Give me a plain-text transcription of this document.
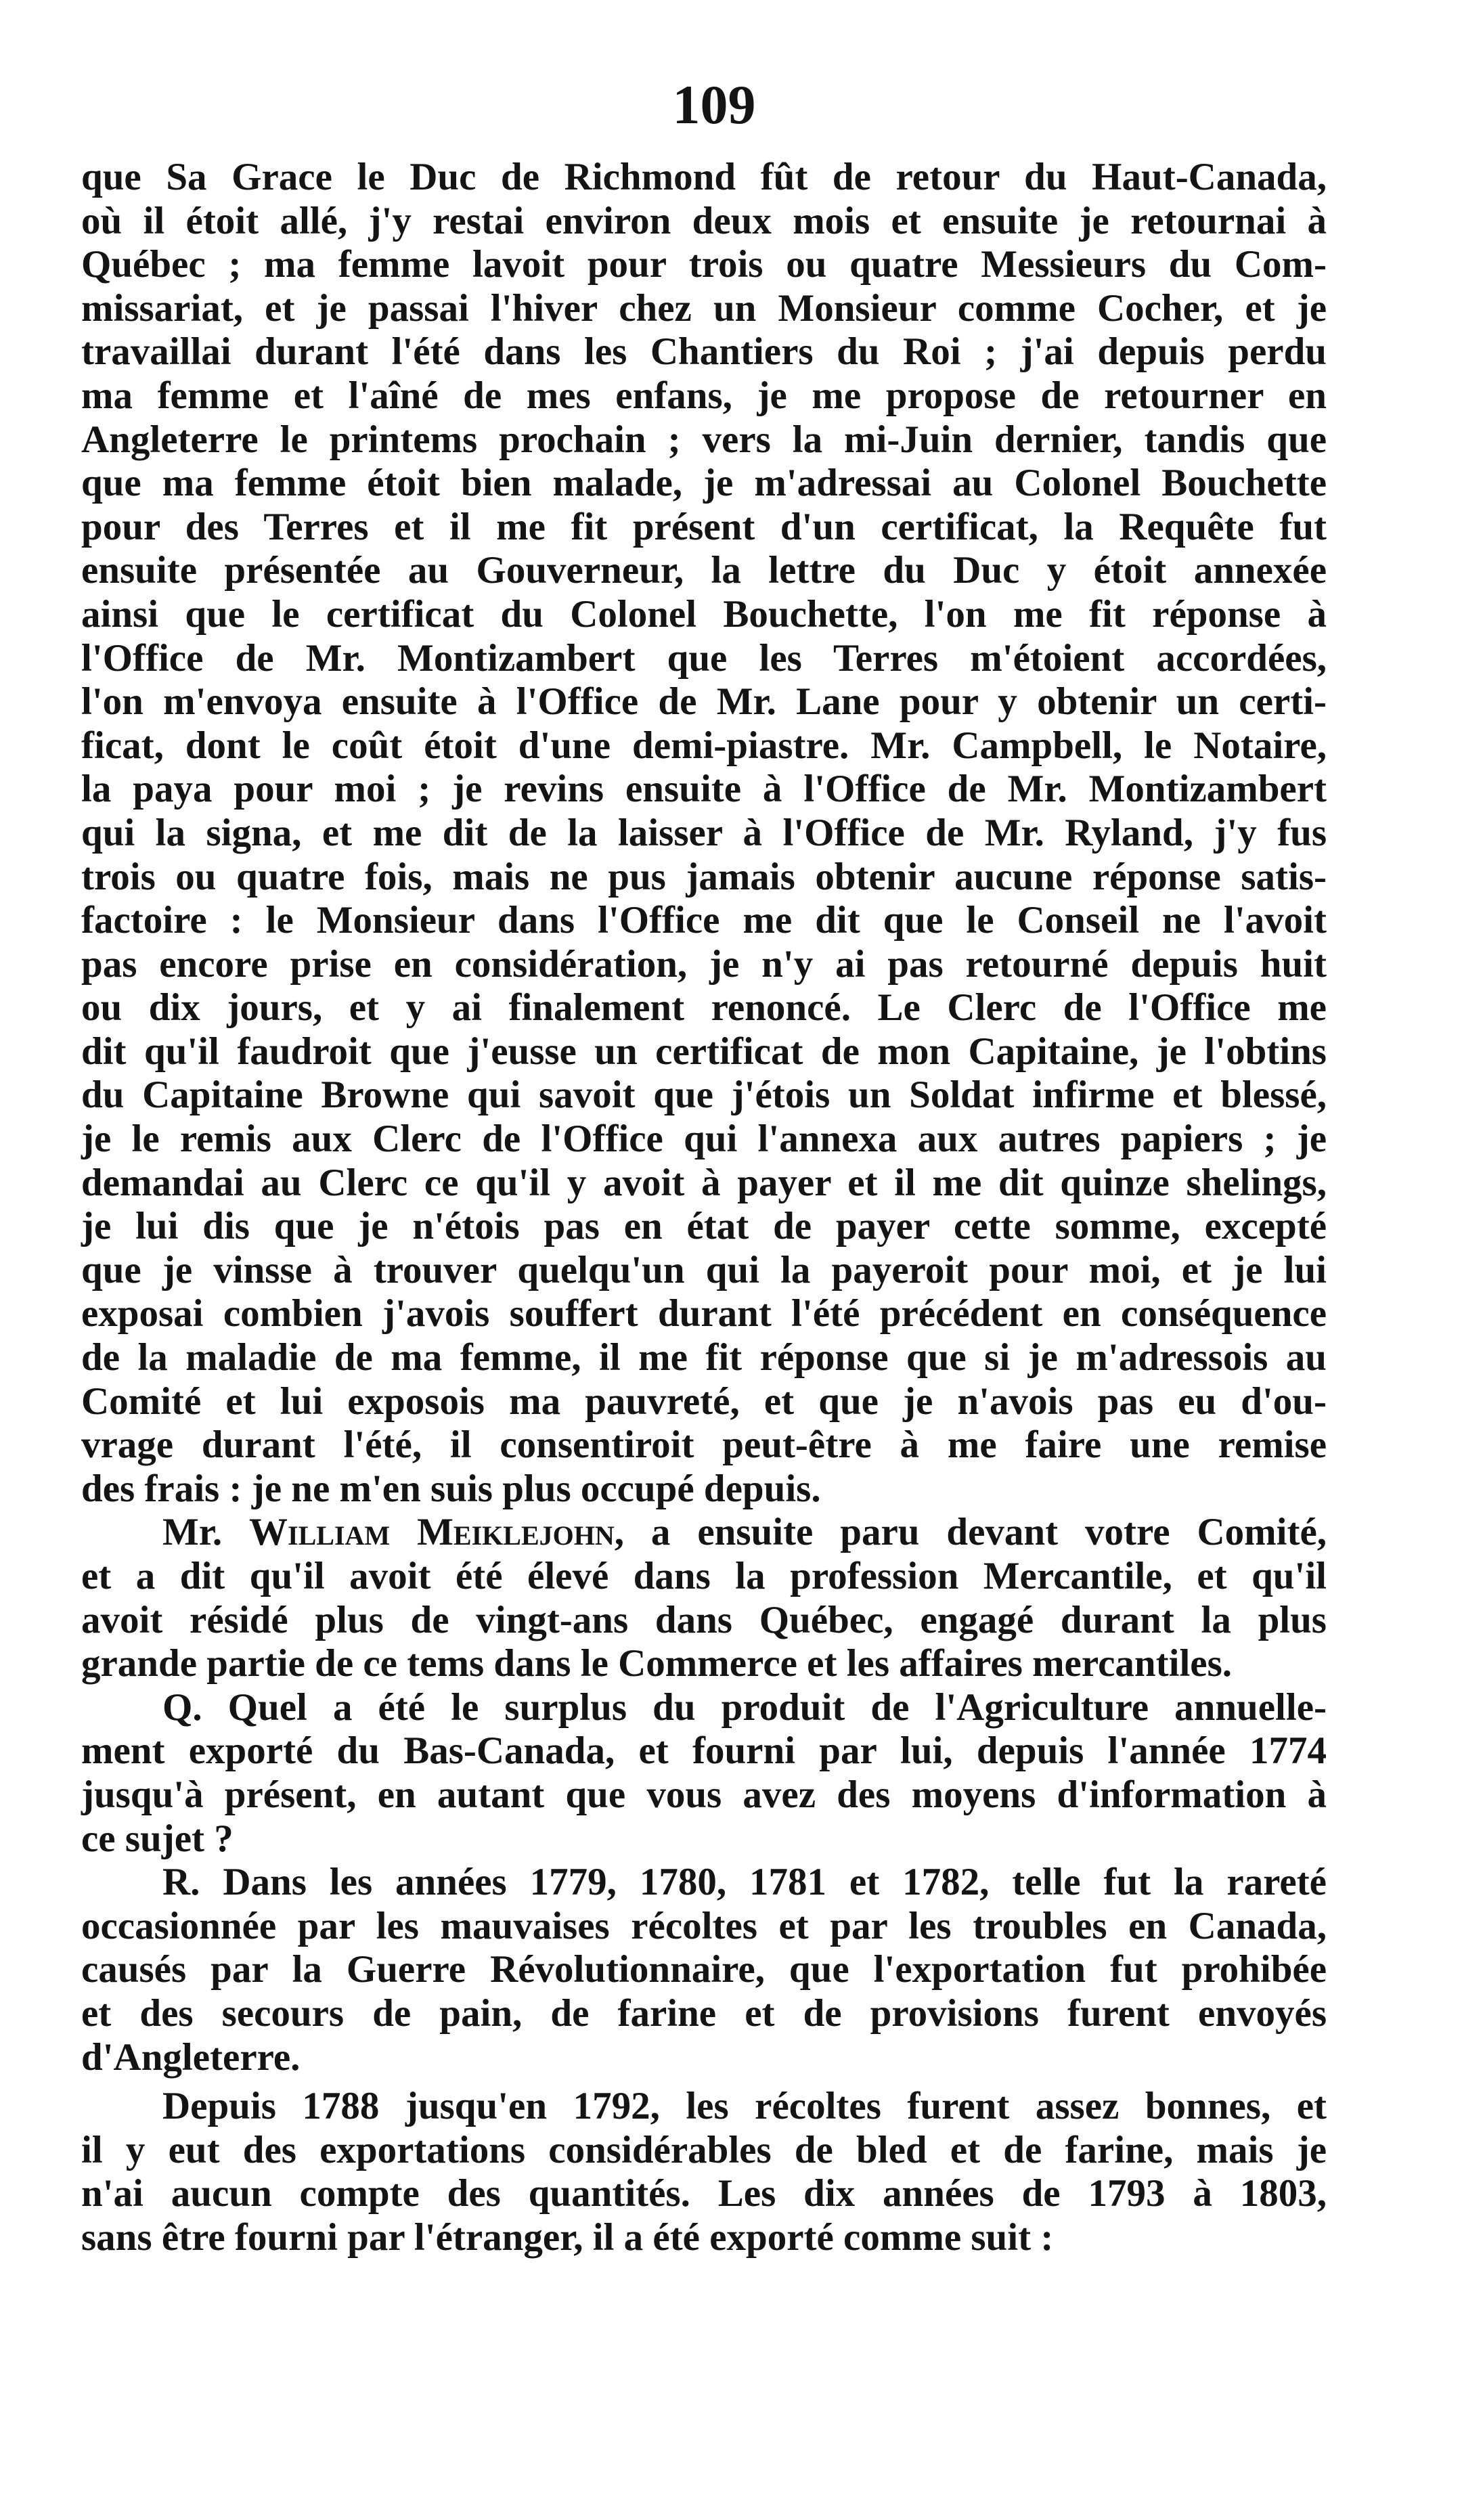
109

que Sa Grace le Duc de Richmond fût de retour du Haut-Canada,
où il étoit allé, j'y restai environ deux mois et ensuite je retournai à
Québec ; ma femme lavoit pour trois ou quatre Messieurs du Com-
missariat, et je passai l'hiver chez un Monsieur comme Cocher, et je
travaillai durant l'été dans les Chantiers du Roi ; j'ai depuis perdu
ma femme et l'aîné de mes enfans, je me propose de retourner en
Angleterre le printems prochain ; vers la mi-Juin dernier, tandis que
que ma femme étoit bien malade, je m'adressai au Colonel Bouchette
pour des Terres et il me fit présent d'un certificat, la Requête fut
ensuite présentée au Gouverneur, la lettre du Duc y étoit annexée
ainsi que le certificat du Colonel Bouchette, l'on me fit réponse à
l'Office de Mr. Montizambert que les Terres m'étoient accordées,
l'on m'envoya ensuite à l'Office de Mr. Lane pour y obtenir un certi-
ficat, dont le coût étoit d'une demi-piastre. Mr. Campbell, le Notaire,
la paya pour moi ; je revins ensuite à l'Office de Mr. Montizambert
qui la signa, et me dit de la laisser à l'Office de Mr. Ryland, j'y fus
trois ou quatre fois, mais ne pus jamais obtenir aucune réponse satis-
factoire : le Monsieur dans l'Office me dit que le Conseil ne l'avoit
pas encore prise en considération, je n'y ai pas retourné depuis huit
ou dix jours, et y ai finalement renoncé. Le Clerc de l'Office me
dit qu'il faudroit que j'eusse un certificat de mon Capitaine, je l'obtins
du Capitaine Browne qui savoit que j'étois un Soldat infirme et blessé,
je le remis aux Clerc de l'Office qui l'annexa aux autres papiers ; je
demandai au Clerc ce qu'il y avoit à payer et il me dit quinze shelings,
je lui dis que je n'étois pas en état de payer cette somme, excepté
que je vinsse à trouver quelqu'un qui la payeroit pour moi, et je lui
exposai combien j'avois souffert durant l'été précédent en conséquence
de la maladie de ma femme, il me fit réponse que si je m'adressois au
Comité et lui exposois ma pauvreté, et que je n'avois pas eu d'ou-
vrage durant l'été, il consentiroit peut-être à me faire une remise
des frais : je ne m'en suis plus occupé depuis.

Mr. William Meiklejohn, a ensuite paru devant votre Comité,
et a dit qu'il avoit été élevé dans la profession Mercantile, et qu'il
avoit résidé plus de vingt-ans dans Québec, engagé durant la plus
grande partie de ce tems dans le Commerce et les affaires mercantiles.

Q. Quel a été le surplus du produit de l'Agriculture annuelle-
ment exporté du Bas-Canada, et fourni par lui, depuis l'année 1774
jusqu'à présent, en autant que vous avez des moyens d'information à
ce sujet ?

R. Dans les années 1779, 1780, 1781 et 1782, telle fut la rareté
occasionnée par les mauvaises récoltes et par les troubles en Canada,
causés par la Guerre Révolutionnaire, que l'exportation fut prohibée
et des secours de pain, de farine et de provisions furent envoyés
d'Angleterre.

Depuis 1788 jusqu'en 1792, les récoltes furent assez bonnes, et
il y eut des exportations considérables de bled et de farine, mais je
n'ai aucun compte des quantités. Les dix années de 1793 à 1803,
sans être fourni par l'étranger, il a été exporté comme suit :
